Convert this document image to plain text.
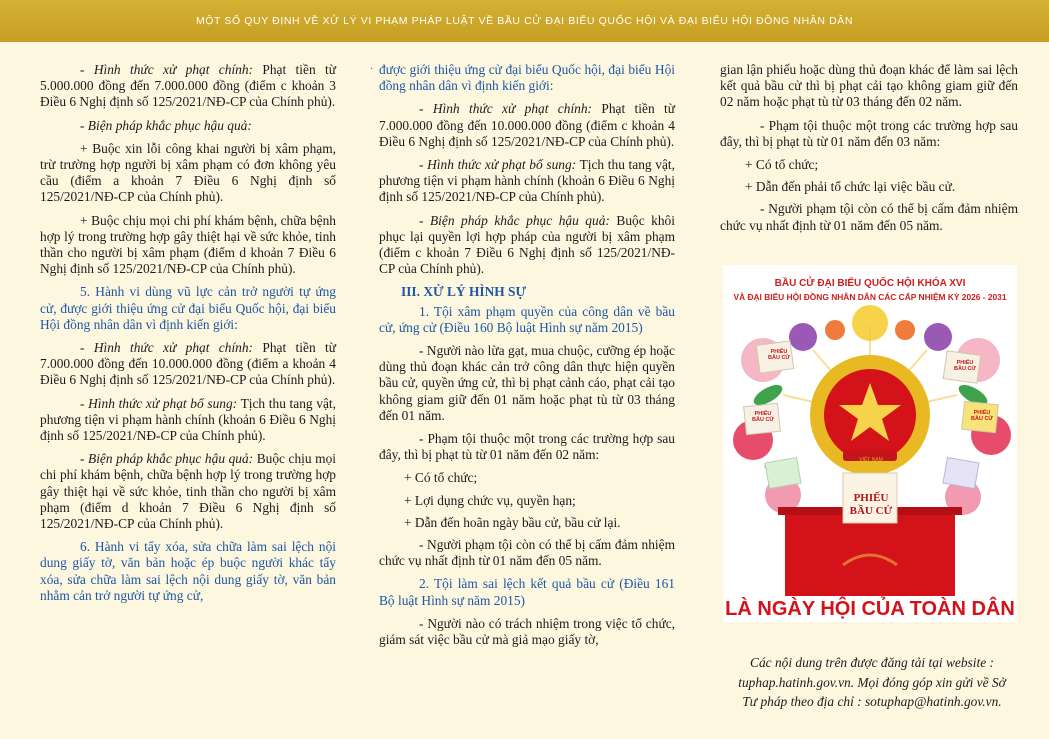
MỘT SỐ QUY ĐỊNH VỀ XỬ LÝ VI PHẠM PHÁP LUẬT VỀ BẦU CỬ ĐẠI BIỂU QUỐC HỘI VÀ ĐẠI BIỂU HỘI ĐỒNG NHÂN DÂN

- Hình thức xử phạt chính: Phạt tiền từ 5.000.000 đồng đến 7.000.000 đồng (điểm c khoản 3 Điều 6 Nghị định số 125/2021/NĐ-CP của Chính phủ).

- Biện pháp khắc phục hậu quả:

+ Buộc xin lỗi công khai người bị xâm phạm, trừ trường hợp người bị xâm phạm có đơn không yêu cầu (điểm a khoản 7 Điều 6 Nghị định số 125/2021/NĐ-CP của Chính phủ).

+ Buộc chịu mọi chi phí khám bệnh, chữa bệnh hợp lý trong trường hợp gây thiệt hại về sức khỏe, tinh thần cho người bị xâm phạm (điểm d khoản 7 Điều 6 Nghị định số 125/2021/NĐ-CP của Chính phủ).

5. Hành vi dùng vũ lực cản trở người tự ứng cử, được giới thiệu ứng cử đại biểu Quốc hội, đại biểu Hội đồng nhân dân vì định kiến giới:

- Hình thức xử phạt chính: Phạt tiền từ 7.000.000 đồng đến 10.000.000 đồng (điểm a khoản 4 Điều 6 Nghị định số 125/2021/NĐ-CP của Chính phủ).

- Hình thức xử phạt bổ sung: Tịch thu tang vật, phương tiện vi phạm hành chính (khoản 6 Điều 6 Nghị định số 125/2021/NĐ-CP của Chính phủ).

- Biện pháp khắc phục hậu quả: Buộc chịu mọi chi phí khám bệnh, chữa bệnh hợp lý trong trường hợp gây thiệt hại về sức khỏe, tinh thần cho người bị xâm phạm (điểm d khoản 7 Điều 6 Nghị định số 125/2021/NĐ-CP của Chính phủ).

6. Hành vi tẩy xóa, sửa chữa làm sai lệch nội dung giấy tờ, văn bản hoặc ép buộc người khác tẩy xóa, sửa chữa làm sai lệch nội dung giấy tờ, văn bản nhằm cản trở người tự ứng cử,

· được giới thiệu ứng cử đại biểu Quốc hội, đại biểu Hội đồng nhân dân vì định kiến giới:

- Hình thức xử phạt chính: Phạt tiền từ 7.000.000 đồng đến 10.000.000 đồng (điểm c khoản 4 Điều 6 Nghị định số 125/2021/NĐ-CP của Chính phủ).

- Hình thức xử phạt bổ sung: Tịch thu tang vật, phương tiện vi phạm hành chính (khoản 6 Điều 6 Nghị định số 125/2021/NĐ-CP của Chính phủ).

- Biện pháp khắc phục hậu quả: Buộc khôi phục lại quyền lợi hợp pháp của người bị xâm phạm (điểm c khoản 7 Điều 6 Nghị định số 125/2021/NĐ-CP của Chính phủ).

III. XỬ LÝ HÌNH SỰ

1. Tội xâm phạm quyền của công dân về bầu cử, ứng cử (Điều 160 Bộ luật Hình sự năm 2015)

- Người nào lừa gạt, mua chuộc, cưỡng ép hoặc dùng thủ đoạn khác cản trở công dân thực hiện quyền bầu cử, quyền ứng cử, thì bị phạt cảnh cáo, phạt cải tạo không giam giữ đến 01 năm hoặc phạt tù từ 03 tháng đến 01 năm.

- Phạm tội thuộc một trong các trường hợp sau đây, thì bị phạt tù từ 01 năm đến 02 năm:

+ Có tổ chức;

+ Lợi dụng chức vụ, quyền hạn;

+ Dẫn đến hoãn ngày bầu cử, bầu cử lại.

- Người phạm tội còn có thể bị cấm đảm nhiệm chức vụ nhất định từ 01 năm đến 05 năm.

2. Tội làm sai lệch kết quả bầu cử (Điều 161 Bộ luật Hình sự năm 2015)

- Người nào có trách nhiệm trong việc tổ chức, giám sát việc bầu cử mà giả mạo giấy tờ,

gian lận phiếu hoặc dùng thủ đoạn khác để làm sai lệch kết quả bầu cử thì bị phạt cải tạo không giam giữ đến 02 năm hoặc phạt tù từ 03 tháng đến 02 năm.

- Phạm tội thuộc một trong các trường hợp sau đây, thì bị phạt tù từ 01 năm đến 03 năm:

+ Có tổ chức;

+ Dẫn đến phải tổ chức lại việc bầu cử.

- Người phạm tội còn có thể bị cấm đảm nhiệm chức vụ nhất định từ 01 năm đến 05 năm.

BẦU CỬ ĐẠI BIỂU QUỐC HỘI KHÓA XVI
VÀ ĐẠI BIỂU HỘI ĐỒNG NHÂN DÂN CÁC CẤP NHIỆM KỲ 2026 - 2031
PHIẾU
BẦU CỬ
PHIẾU
BẦU CỬ
PHIẾU
BẦU CỬ
PHIẾU
BẦU CỬ
VIỆT NAM
PHIẾU
BẦU CỬ
LÀ NGÀY HỘI CỦA TOÀN DÂN
Các nội dung trên được đăng tải tại website :
tuphap.hatinh.gov.vn. Mọi đóng góp xin gửi về Sở
Tư pháp theo địa chỉ : sotuphap@hatinh.gov.vn.
